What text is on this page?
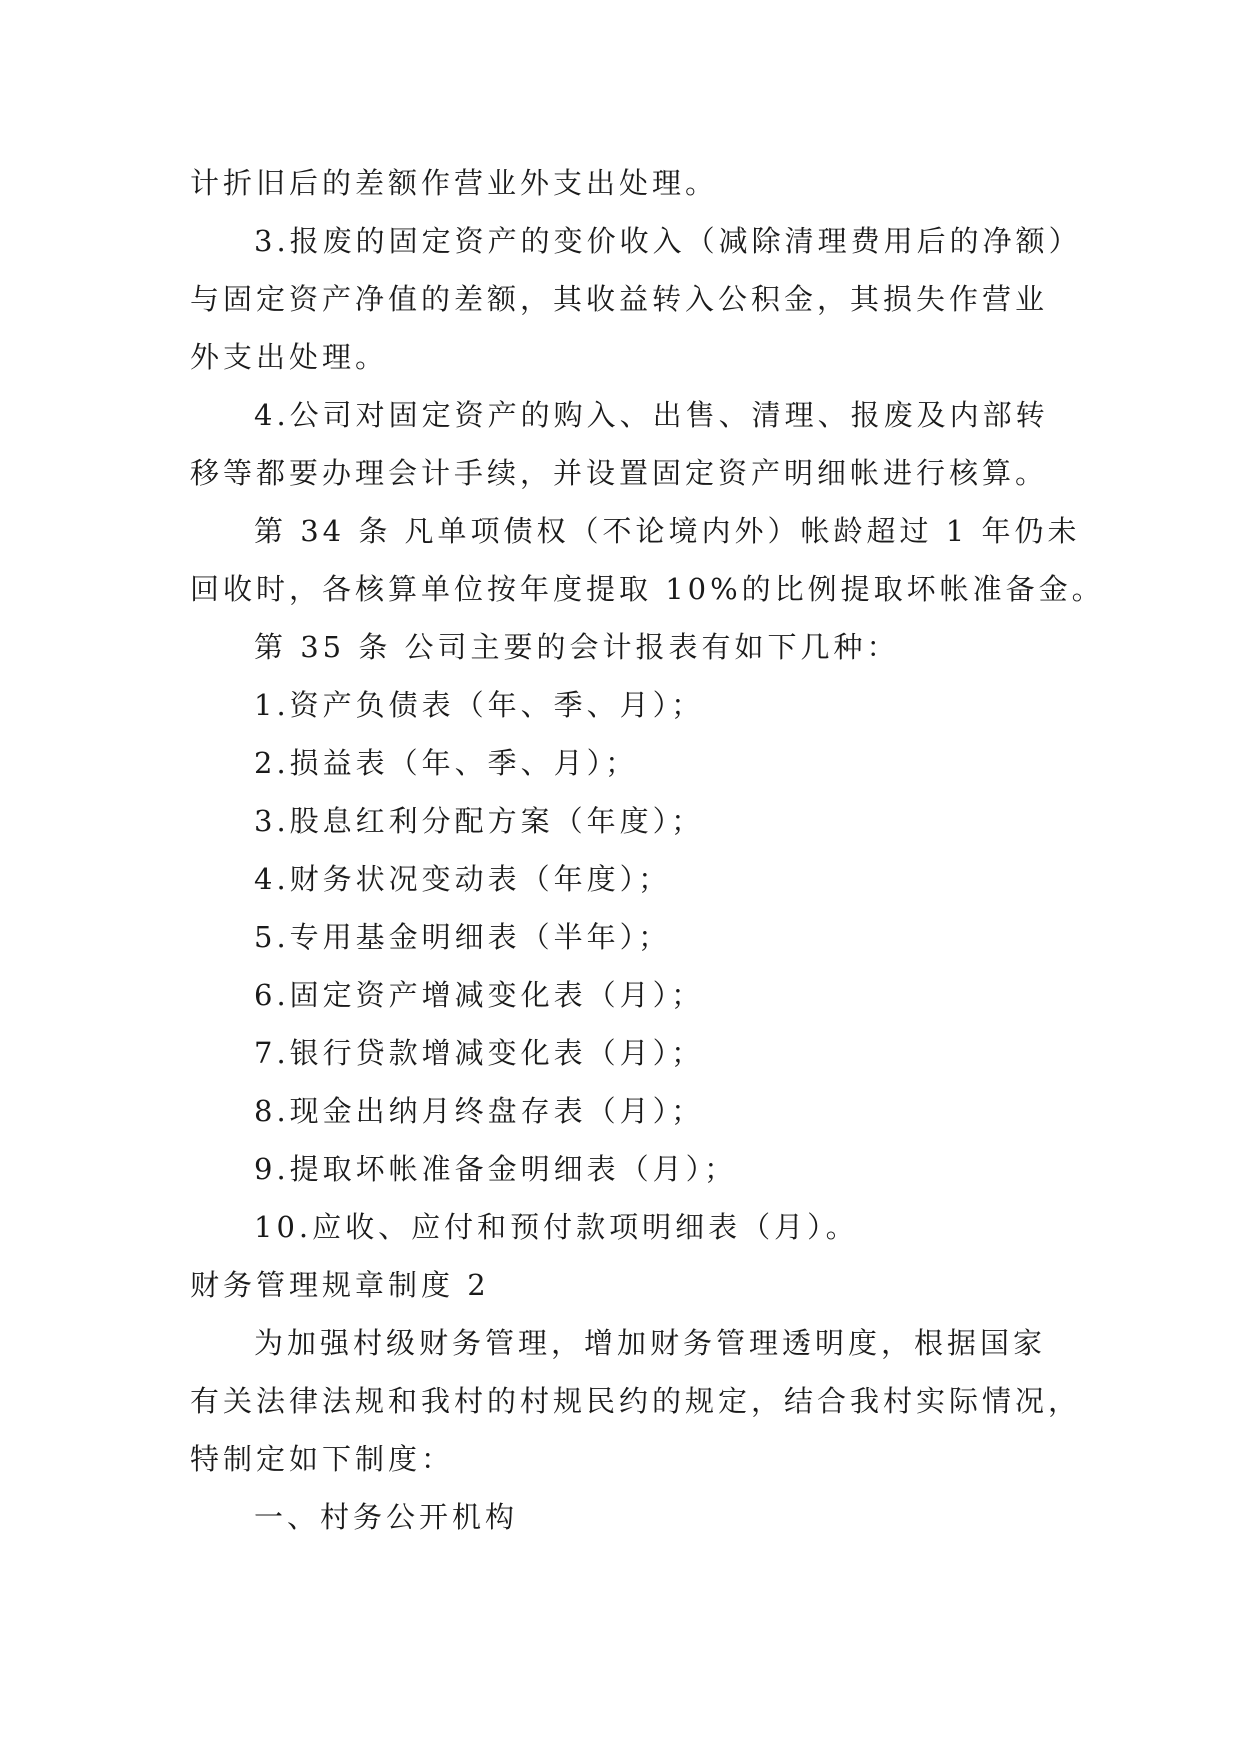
计折旧后的差额作营业外支出处理。
3.报废的固定资产的变价收入（减除清理费用后的净额）
与固定资产净值的差额，其收益转入公积金，其损失作营业
外支出处理。
4.公司对固定资产的购入、出售、清理、报废及内部转
移等都要办理会计手续，并设置固定资产明细帐进行核算。
第 34 条 凡单项债权（不论境内外）帐龄超过 1 年仍未
回收时，各核算单位按年度提取 10%的比例提取坏帐准备金。
第 35 条 公司主要的会计报表有如下几种：
1.资产负债表（年、季、月）；
2.损益表（年、季、月）；
3.股息红利分配方案（年度）；
4.财务状况变动表（年度）；
5.专用基金明细表（半年）；
6.固定资产增减变化表（月）；
7.银行贷款增减变化表（月）；
8.现金出纳月终盘存表（月）；
9.提取坏帐准备金明细表（月）；
10.应收、应付和预付款项明细表（月）。
财务管理规章制度 2
为加强村级财务管理，增加财务管理透明度，根据国家
有关法律法规和我村的村规民约的规定，结合我村实际情况，
特制定如下制度：
一、村务公开机构
